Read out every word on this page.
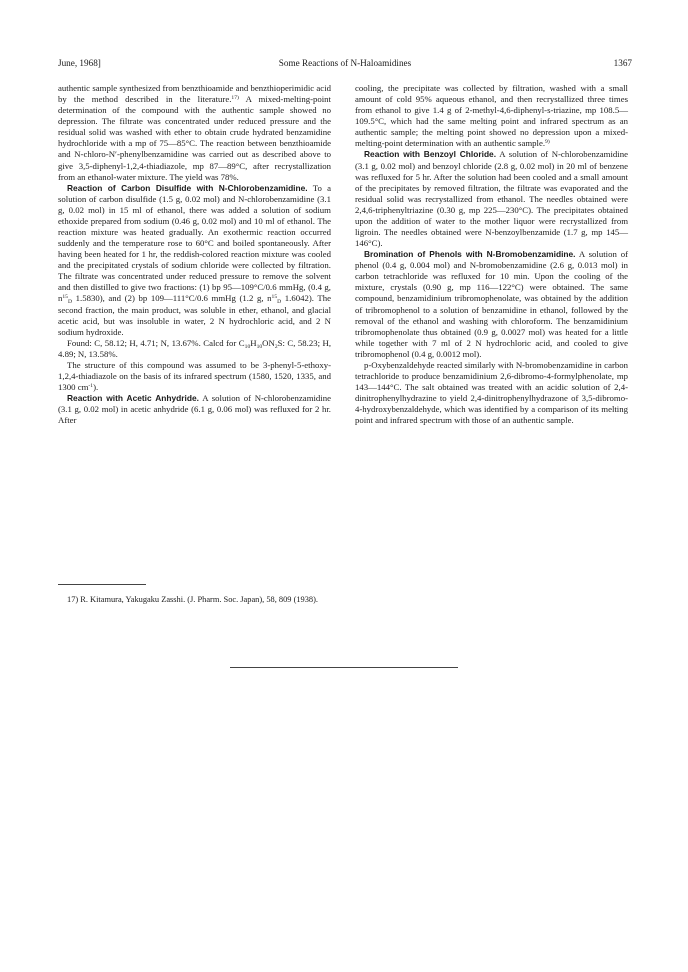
June, 1968]	Some Reactions of N-Haloamidines	1367

authentic sample synthesized from benzthioamide and benzthioperimidic acid by the method described in the literature.$^{17)}$ A mixed-melting-point determination of the compound with the authentic sample showed no depression. The filtrate was concentrated under reduced pressure and the residual solid was washed with ether to obtain crude hydrated benzamidine hydrochloride with a mp of 75—85°C. The reaction between benzthioamide and N-chloro-N′-phenylbenzamidine was carried out as described above to give 3,5-diphenyl-1,2,4-thiadiazole, mp 87—89°C, after recrystallization from an ethanol-water mixture. The yield was 78%.

Reaction of Carbon Disulfide with N-Chlorobenzamidine. To a solution of carbon disulfide (1.5 g, 0.02 mol) and N-chlorobenzamidine (3.1 g, 0.02 mol) in 15 ml of ethanol, there was added a solution of sodium ethoxide prepared from sodium (0.46 g, 0.02 mol) and 10 ml of ethanol. The reaction mixture was heated gradually. An exothermic reaction occurred suddenly and the temperature rose to 60°C and boiled spontaneously. After having been heated for 1 hr, the reddish-colored reaction mixture was cooled and the precipitated crystals of sodium chloride were collected by filtration. The filtrate was concentrated under reduced pressure to remove the solvent and then distilled to give two fractions: (1) bp 95—109°C/0.6 mmHg, (0.4 g, $n^{15}_D$ 1.5830), and (2) bp 109—111°C/0.6 mmHg (1.2 g, $n^{15}_D$ 1.6042). The second fraction, the main product, was soluble in ether, ethanol, and glacial acetic acid, but was insoluble in water, 2 N hydrochloric acid, and 2 N sodium hydroxide.

Found: C, 58.12; H, 4.71; N, 13.67%. Calcd for $C_{10}H_{10}ON_2S$: C, 58.23; H, 4.89; N, 13.58%.

The structure of this compound was assumed to be 3-phenyl-5-ethoxy-1,2,4-thiadiazole on the basis of its infrared spectrum (1580, 1520, 1335, and 1300 $cm^{-1}$).

Reaction with Acetic Anhydride. A solution of N-chlorobenzamidine (3.1 g, 0.02 mol) in acetic anhydride (6.1 g, 0.06 mol) was refluxed for 2 hr. After

cooling, the precipitate was collected by filtration, washed with a small amount of cold 95% aqueous ethanol, and then recrystallized three times from ethanol to give 1.4 g of 2-methyl-4,6-diphenyl-s-triazine, mp 108.5—109.5°C, which had the same melting point and infrared spectrum as an authentic sample; the melting point showed no depression upon a mixed-melting-point determination with an authentic sample.$^{9)}$

Reaction with Benzoyl Chloride. A solution of N-chlorobenzamidine (3.1 g, 0.02 mol) and benzoyl chloride (2.8 g, 0.02 mol) in 20 ml of benzene was refluxed for 5 hr. After the solution had been cooled and a small amount of the precipitates by removed filtration, the filtrate was evaporated and the residual solid was recrystallized from ethanol. The needles obtained were 2,4,6-triphenyltriazine (0.30 g, mp 225—230°C). The precipitates obtained upon the addition of water to the mother liquor were recrystallized from ligroin. The needles obtained were N-benzoylbenzamide (1.7 g, mp 145—146°C).

Bromination of Phenols with N-Bromobenzamidine. A solution of phenol (0.4 g, 0.004 mol) and N-bromobenzamidine (2.6 g, 0.013 mol) in carbon tetrachloride was refluxed for 10 min. Upon the cooling of the mixture, crystals (0.90 g, mp 116—122°C) were obtained. The same compound, benzamidinium tribromophenolate, was obtained by the addition of tribromophenol to a solution of benzamidine in ethanol, followed by the removal of the ethanol and washing with chloroform. The benzamidinium tribromophenolate thus obtained (0.9 g, 0.0027 mol) was heated for a little while together with 7 ml of 2 N hydrochloric acid, and cooled to give tribromophenol (0.4 g, 0.0012 mol).

p-Oxybenzaldehyde reacted similarly with N-bromobenzamidine in carbon tetrachloride to produce benzamidinium 2,6-dibromo-4-formylphenolate, mp 143—144°C. The salt obtained was treated with an acidic solution of 2,4-dinitrophenylhydrazine to yield 2,4-dinitrophenylhydrazone of 3,5-dibromo-4-hydroxybenzaldehyde, which was identified by a comparison of its melting point and infrared spectrum with those of an authentic sample.

17) R. Kitamura, Yakugaku Zasshi. (J. Pharm. Soc. Japan), 58, 809 (1938).
